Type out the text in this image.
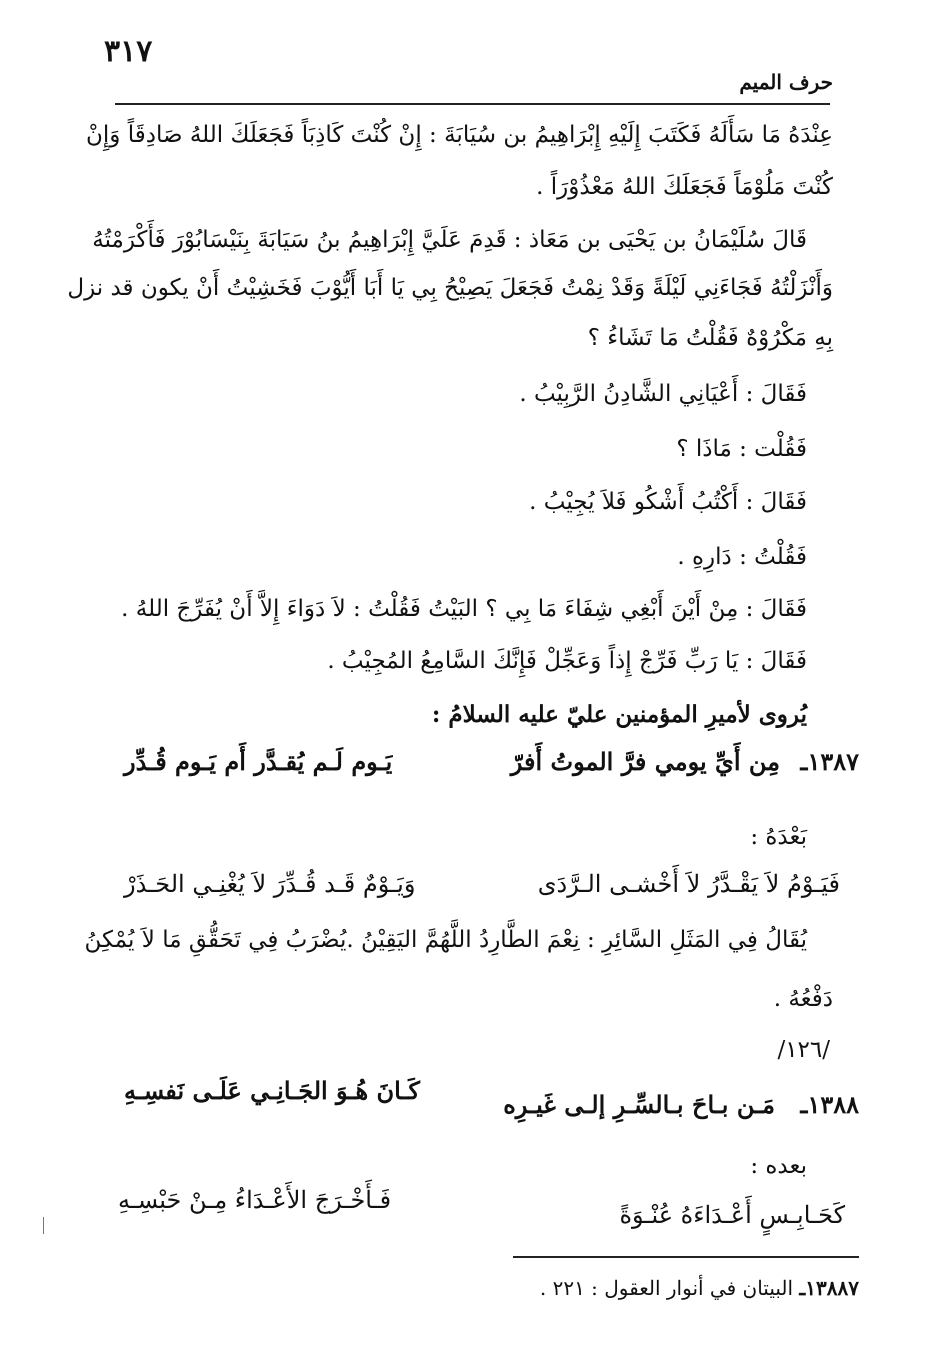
٣١٧
حرف الميم
عِنْدَهُ مَا سَأَلَهُ فَكَتَبَ إِلَيْهِ إِبْرَاهِيمُ بن سُيَابَةَ : إِنْ كُنْتَ كَاذِبَاً فَجَعَلَكَ اللهُ صَادِقَاً وَإِنْ
كُنْتَ مَلُوْمَاً فَجَعَلَكَ اللهُ مَعْذُوْرَاً .
قَالَ سُلَيْمَانُ بن يَحْيَى بن مَعَاذ : قَدِمَ عَلَيَّ إِبْرَاهِيمُ بنُ سَيَابَةَ بِنَيْسَابُوْرَ فَأَكْرَمْتُهُ
وَأَنْزَلْتُهُ فَجَاءَنِي لَيْلَةً وَقَدْ نِمْتُ فَجَعَلَ يَصِيْحُ بِي يَا أَبَا أَيُّوْبَ فَخَشِيْتُ أَنْ يكون قد نزل
بِهِ مَكْرُوْهٌ فَقُلْتُ مَا تَشَاءُ ؟
فَقَالَ : أَعْيَانِي الشَّادِنُ الرَّبِيْبُ .
فَقُلْت : مَاذَا ؟
فَقَالَ : أَكْتُبُ أَشْكُو فَلاَ يُجِيْبُ .
فَقُلْتُ : دَارِهِ .
فَقَالَ : مِنْ أَيْنَ أَبْغِي شِفَاءَ مَا بِي ؟ البَيْتُ فَقُلْتُ : لاَ دَوَاءَ إِلاَّ أَنْ يُفَرِّجَ اللهُ .
فَقَالَ : يَا رَبِّ فَرِّجْ إِذاً وَعَجِّلْ فَإِنَّكَ السَّامِعُ المُجِيْبُ .
يُروى لأميرِ المؤمنين عليّ عليه السلامُ :
١٣٨٧ـ
مِن أَيِّ يومي فرَّ الموتُ أَفرّ
يَـوم لَـم يُقـدَّر أَم يَـوم قُـدِّر
بَعْدَهُ :
فَيَـوْمُ لاَ يَقْـدَّرُ لاَ أَخْشـى الـرَّدَى
وَيَـوْمٌ قَـد قُـدِّرَ لاَ يُغْنِـي الحَـذَرْ
يُقَالُ فِي المَثَلِ السَّائِرِ : نِعْمَ الطَّارِدُ اللَّهُمَّ اليَقِيْنُ .يُضْرَبُ فِي تَحَقُّقِ مَا لاَ يُمْكِنُ
دَفْعُهُ .
/١٢٦/
١٣٨٨ـ
مَـن بـاحَ بـالسِّـرِ إلـى غَيـرِه
كَـانَ هُـوَ الجَـانِـي عَلَـى نَفسِـهِ
بعده :
كَحَـابِـسٍ أَعْـدَاءَهُ عُنْـوَةً
فَـأَخْـرَجَ الأَعْـدَاءُ مِـنْ حَبْسِـهِ
١٣٨٨٧ـ البيتان في أنوار العقول : ٢٢١ .
